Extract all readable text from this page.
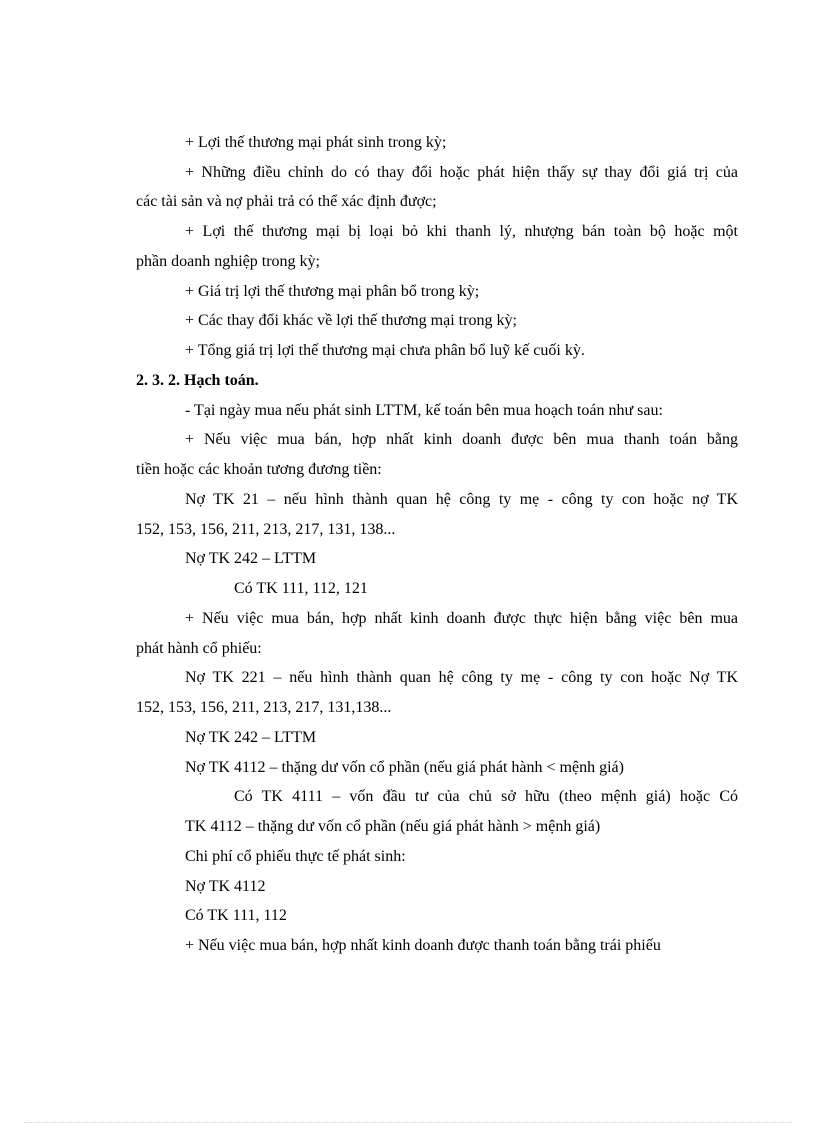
+ Lợi thế thương mại phát sinh trong kỳ;
+ Những điều chỉnh do có thay đổi hoặc phát hiện thấy sự thay đổi giá trị của
các tài sản và nợ phải trả có thể xác định được;
+ Lợi thế thương mại bị loại bỏ khi thanh lý, nhượng bán toàn bộ hoặc một
phần doanh nghiệp trong kỳ;
+ Giá trị lợi thế thương mại phân bổ trong kỳ;
+ Các thay đổi khác về lợi thế thương mại trong kỳ;
+ Tổng giá trị lợi thế thương mại chưa phân bổ luỹ kế cuối kỳ.
2. 3. 2. Hạch toán.
- Tại ngày mua nếu phát sinh LTTM, kế toán bên mua hoạch toán như sau:
+ Nếu việc mua bán, hợp nhất kinh doanh được bên mua thanh toán bằng
tiền hoặc các khoản tương đương tiền:
Nợ TK 21 – nếu hình thành quan hệ công ty mẹ - công ty con hoặc nợ TK
152, 153, 156, 211, 213, 217, 131, 138...
Nợ TK 242 – LTTM
Có TK 111, 112, 121
+ Nếu việc mua bán, hợp nhất kinh doanh được thực hiện bằng việc bên mua
phát hành cổ phiếu:
Nợ TK 221 – nếu hình thành quan hệ công ty mẹ - công ty con hoặc Nợ TK
152, 153, 156, 211, 213, 217, 131,138...
Nợ TK 242 – LTTM
Nợ TK 4112 – thặng dư vốn cổ phần (nếu giá phát hành < mệnh giá)
Có TK 4111 – vốn đầu tư của chủ sở hữu (theo mệnh giá) hoặc Có
TK 4112 – thặng dư vốn cổ phần (nếu giá phát hành > mệnh giá)
Chi phí cổ phiếu thực tế phát sinh:
Nợ TK 4112
Có TK 111, 112
+ Nếu việc mua bán, hợp nhất kinh doanh được thanh toán bằng trái phiếu
